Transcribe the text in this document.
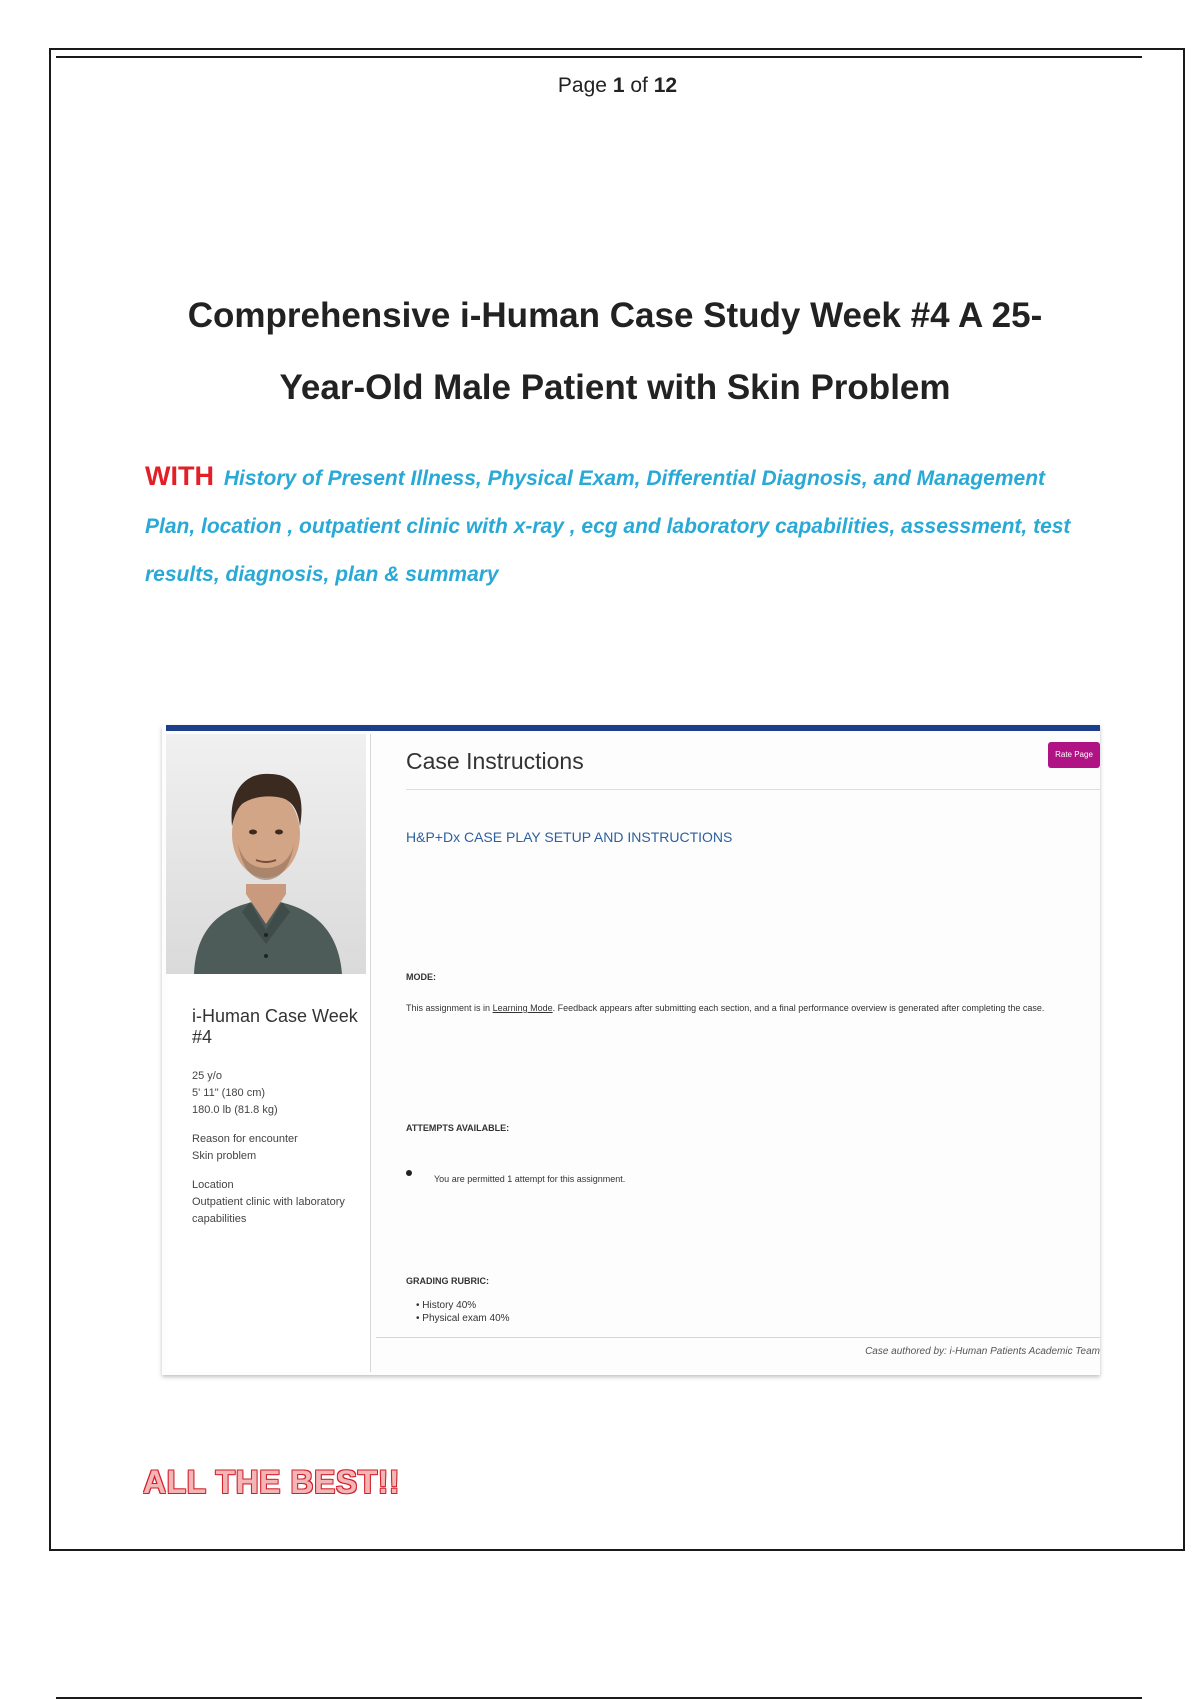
Page 1 of 12
Comprehensive i-Human Case Study Week #4 A 25-
Year-Old Male Patient with Skin Problem
WITH History of Present Illness, Physical Exam, Differential Diagnosis, and Management Plan, location , outpatient clinic with x-ray , ecg and laboratory capabilities, assessment, test results, diagnosis, plan & summary
i-Human Case Week #4
25 y/o
5' 11" (180 cm)
180.0 lb (81.8 kg)
Reason for encounter
Skin problem
Location
Outpatient clinic with laboratory capabilities
Case Instructions	Rate Page
H&P+Dx CASE PLAY SETUP AND INSTRUCTIONS
MODE:
This assignment is in Learning Mode. Feedback appears after submitting each section, and a final performance overview is generated after completing the case.
ATTEMPTS AVAILABLE:
You are permitted 1 attempt for this assignment.
GRADING RUBRIC:
• History 40%
• Physical exam 40%
Case authored by: i-Human Patients Academic Team
ALL THE BEST!!
